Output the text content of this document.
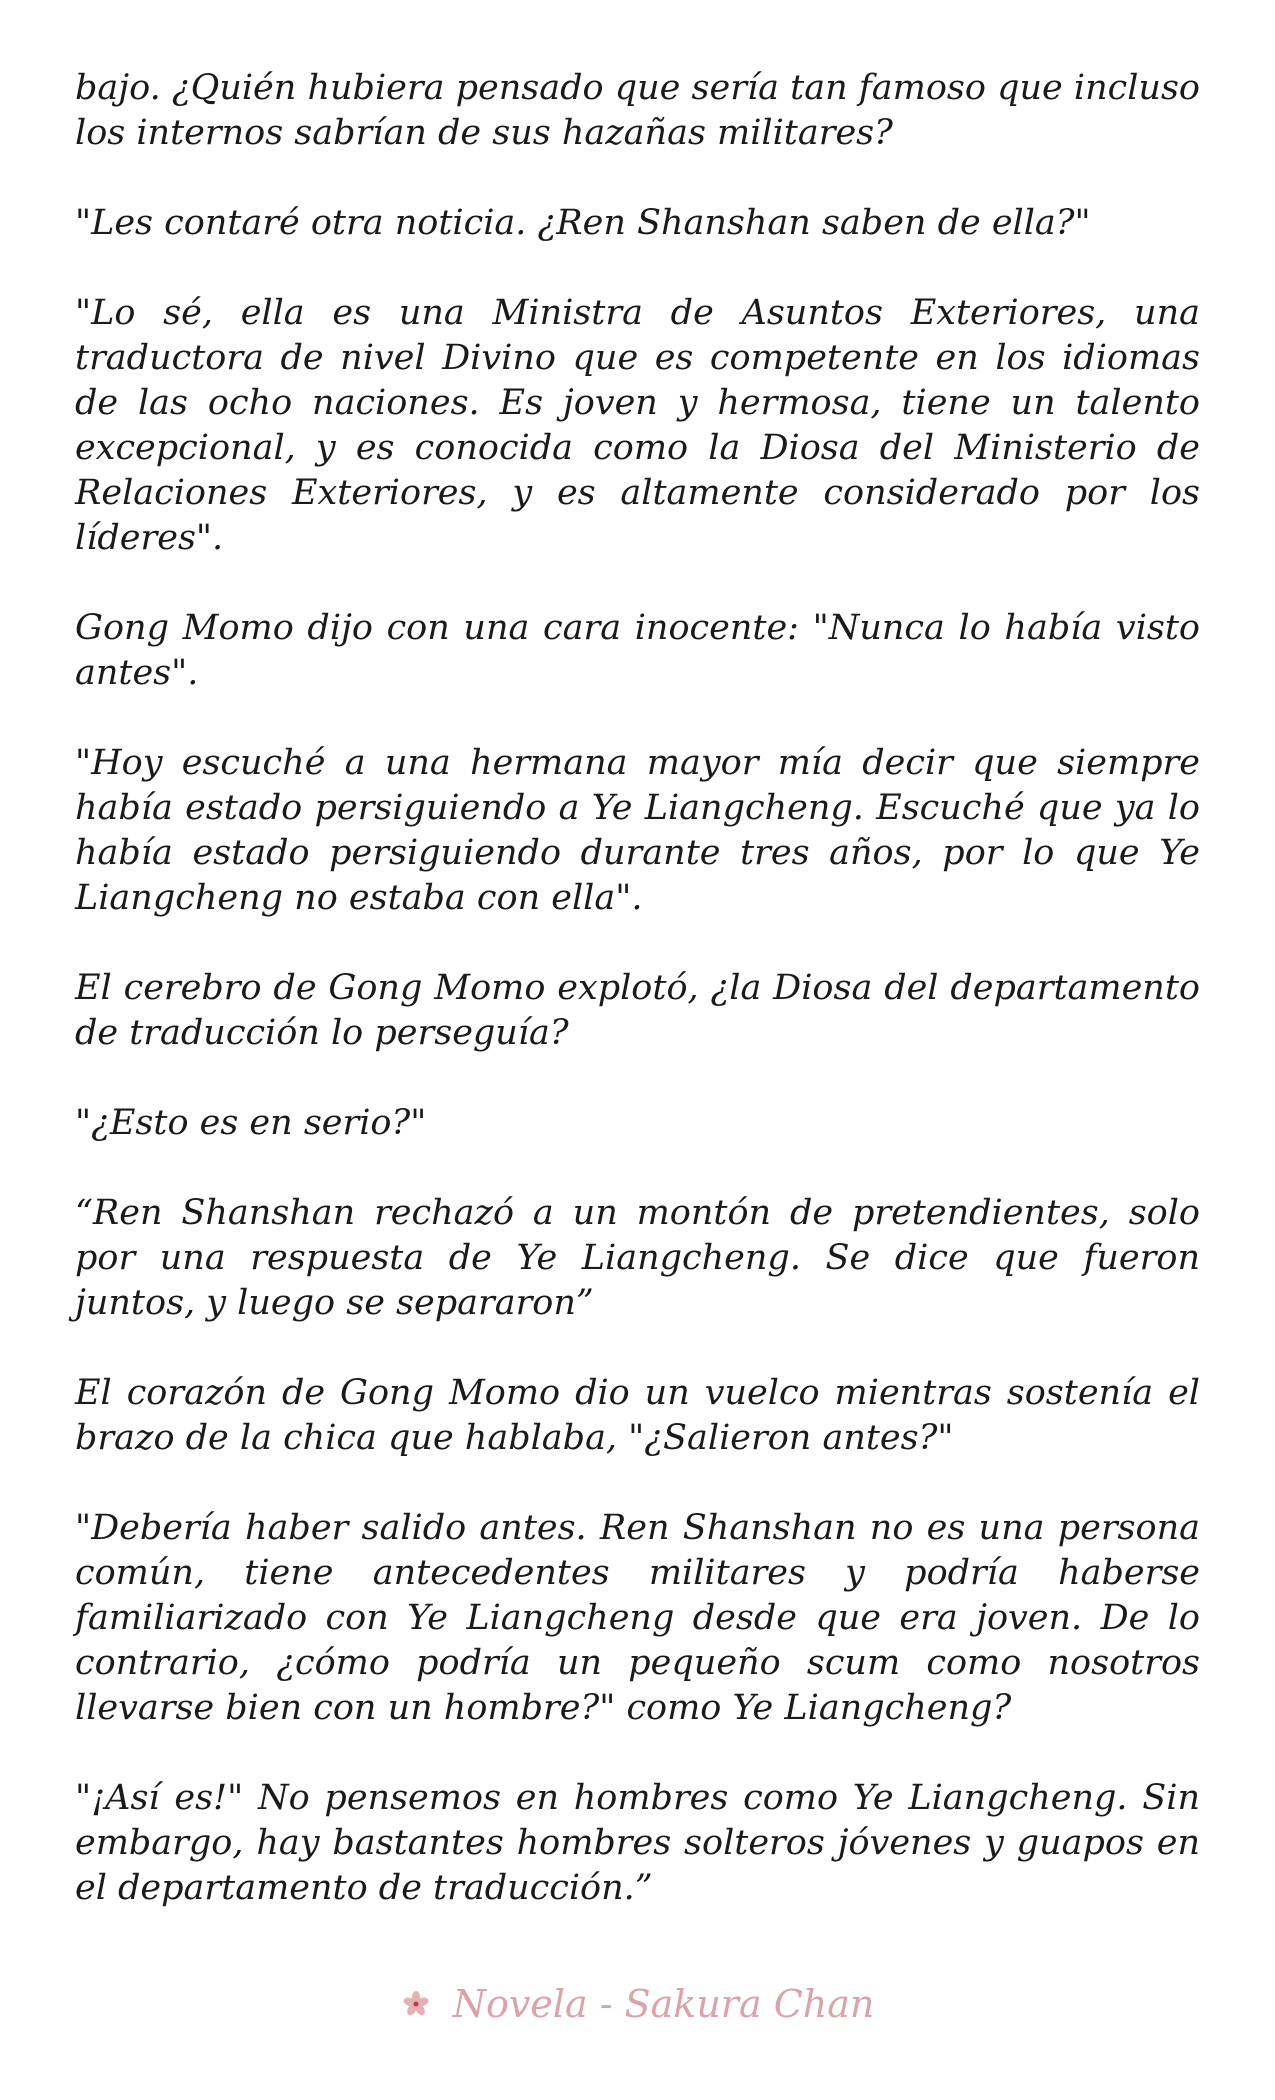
bajo. ¿Quién hubiera pensado que sería tan famoso que incluso los internos sabrían de sus hazañas militares?

"Les contaré otra noticia. ¿Ren Shanshan saben de ella?"

"Lo sé, ella es una Ministra de Asuntos Exteriores, una traductora de nivel Divino que es competente en los idiomas de las ocho naciones. Es joven y hermosa, tiene un talento excepcional, y es conocida como la Diosa del Ministerio de Relaciones Exteriores, y es altamente considerado por los líderes".

Gong Momo dijo con una cara inocente: "Nunca lo había visto antes".

"Hoy escuché a una hermana mayor mía decir que siempre había estado persiguiendo a Ye Liangcheng. Escuché que ya lo había estado persiguiendo durante tres años, por lo que Ye Liangcheng no estaba con ella".

El cerebro de Gong Momo explotó, ¿la Diosa del departamento de traducción lo perseguía?

"¿Esto es en serio?"

“Ren Shanshan rechazó a un montón de pretendientes, solo por una respuesta de Ye Liangcheng. Se dice que fueron juntos, y luego se separaron”

El corazón de Gong Momo dio un vuelco mientras sostenía el brazo de la chica que hablaba, "¿Salieron antes?"

"Debería haber salido antes. Ren Shanshan no es una persona común, tiene antecedentes militares y podría haberse familiarizado con Ye Liangcheng desde que era joven. De lo contrario, ¿cómo podría un pequeño scum como nosotros llevarse bien con un hombre?" como Ye Liangcheng?

"¡Así es!" No pensemos en hombres como Ye Liangcheng. Sin embargo, hay bastantes hombres solteros jóvenes y guapos en el departamento de traducción.”

Novela - Sakura Chan
